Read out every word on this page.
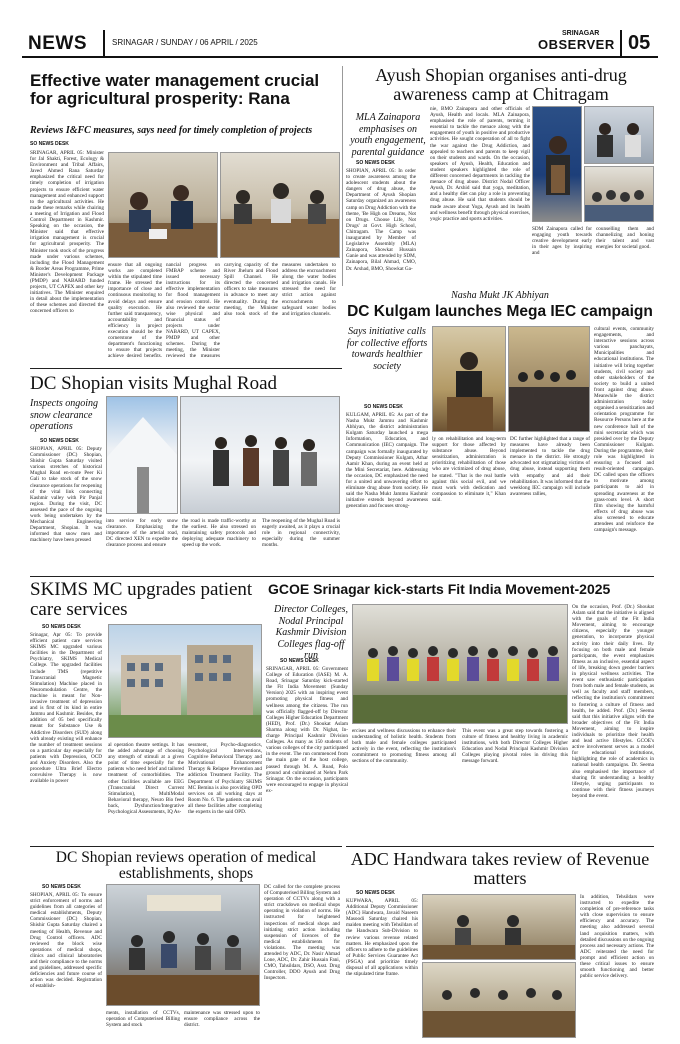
NEWS	SRINAGAR / SUNDAY / 06 APRIL / 2025
SRINAGAR
OBSERVER 05
Effective water management crucial for agricultural prosperity: Rana
Reviews I&FC measures, says need for timely completion of projects
SO NEWS DESK
SRINAGAR, APRIL 05: Minister for Jal Shakti, Forest, Ecology & Environment and Tribal Affairs, Javed Ahmed Rana Saturday emphasized the critical need for timely completion of irrigation projects to ensure efficient water management and enhanced support to the agricultural activities. He made these remarks while chairing a meeting of Irrigation and Flood Control Department in Kashmir. Speaking on the occasion, the Minister said that effective irrigation management is crucial for agricultural prosperity. The Minister took stock of the progress made under various schemes, including the Flood Management & Border Areas Programme, Prime Minister's Development Package (PMDP) and NABARD funded projects, UT CAPEX and other key initiatives. The Minister enquired in detail about the implementation of these schemes and directed the concerned officers to
ensure that all ongoing works are completed within the stipulated time frame. He stressed the importance of close and continuous monitoring to avoid delays and ensure quality execution. He further said transparency, accountability and efficiency in project execution should be the cornerstone of the department's functioning to ensure that projects achieve desired benefits.
nancial progress on FMBAP scheme and issued necessary instructions for its effective implementation for flood management and erosion control. He also reviewed the sector wise physical and financial status of projects under NABARD, UT CAPEX, PMDP and other schemes. During the meeting, the Minister reviewed the measures
carrying capacity of the River Jhelum and Flood Spill Channel. He directed the concerned officers to take measures in advance to meet any eventuality. During the meeting, the Minister also took stock of the measures undertaken to address the encroachment along the water bodies and irrigation canals. He stressed the need for strict action against encroachments to safeguard water bodies and irrigation channels.
Ayush Shopian organises anti-drug awareness camp at Chitragam
MLA Zainapora emphasises on youth engagement, parental guidance
SO NEWS DESK
SHOPIAN, APRIL 05: In order to create awareness among the adolescent students about the dangers of drug abuse, the Department of Ayush Shopian Saturday organized an awareness camp on Drug Addiction with the theme, 'Be High on Dreams, Not on Drugs. Choose Life, Not Drugs' at Govt. High School, Chitragam. The Camp was inaugurated by Member of Legislative Assembly (MLA) Zainapora, Showkat Hussain Ganie and was attended by SDM, Zainapora, Bilal Ahmad, CMO, Dr. Arshad, BMO, Showkat Ga-
nie, BMO Zainapora and other officials of Ayush, Health and locals. MLA Zainapora, emphasised the role of parents, terming it essential to tackle the menace along with the engagement of youth in positive and productive activities. He sought cooperation of all to fight the war against the Drug Addiction, and appealed to teachers and parents to keep vigil on their students and wards. On the occasion, speakers of Ayush, Health, Education and student speakers highlighted the role of different concerned departments in tackling the menace of drug abuse. District Nodal Officer Ayush, Dr. Arshid said that yoga, meditation, and a healthy diet can play a role in preventing drug abuse. He said that students should be made aware about Yoga, Ayush and its health and wellness benefit through physical exercises, yogic practice and sports activities.
SDM Zainapora called for engaging youth towards creative development early in their ages by inspiring and
counselling them and channelizing and honing their talent and vast energies for societal good.
Nasha Mukt JK Abhiyan
DC Kulgam launches Mega IEC campaign
Says initiative calls for collective efforts towards healthier society
SO NEWS DESK
KULGAM, APRIL 05: As part of the Nasha Mukt Jammu and Kashmir Abhiyan, the district administration Kulgam Saturday launched a mega Information, Education, and Communication (IEC) campaign. The campaign was formally inaugurated by Deputy Commissioner Kulgam, Athar Aamir Khan, during an event held at the Mini Secretariat, here. Addressing the occasion, DC emphasized the need for a united and unwavering effort to eliminate drug abuse from society. He said the Nasha Mukt Jammu Kashmir initiative extends beyond awareness generation and focuses strong-
ly on rehabilitation and long-term support for those affected by substance abuse. Beyond sensitization, administration is prioritizing rehabilitation of those who are victimized of drug abuse, he stated. "That is the real battle against this social evil, and we must work with dedication and compassion to eliminate it," Khan said.
DC further highlighted that a range of measures have already been implemented to tackle the drug menace in the district. He strongly advocated not stigmatizing victims of drug abuse, instead supporting them with empathy and aid their rehabilitation. It was informed that the weeklong IEC campaign will include awareness rallies,
cultural events, community engagements, and interactive sessions across various panchayats, Municipalities and educational institutions. The initiative will bring together students, civil society and other stakeholders of the society to build a united front against drug abuse. Meanwhile the district administration today organised a sensitization and orientation programme for Resource Persons here at the new conference hall of the mini secretariat which was presided over by the Deputy Commissioner Kulgam. During the programme, their role was highlighted in ensuring a focused and result-oriented campaign. DC called upon the officers to motivate among participants to aid in spreading awareness at the grass-roots level. A short film showing the harmful effects of drug abuse was also screened to educate attendees and reinforce the campaign's message.
DC Shopian visits Mughal Road
Inspects ongoing snow clearance operations
SO NEWS DESK
SHOPIAN, APRIL 05: Deputy Commissioner (DC) Shopian, Shishir Gupta Saturday visited various stretches of historical Mughal Road en-route Peer Ki Gali to take stock of the snow clearance operations for reopening of the vital link connecting Kashmir valley with Pir Panjal region. During the visit, DC assessed the pace of the ongoing work being undertaken by the Mechanical Engineering Department, Shopian. It was informed that snow men and machinery have been pressed
into service for early snow clearance. Emphasizing the importance of the arterial road, DC directed XEN to expedite the clearance process and ensure
the road is made traffic-worthy at the earliest. He also stressed on maintaining safety protocols and deploying adequate machinery to speed up the work.
The reopening of the Mughal Road is eagerly awaited, as it plays a crucial role in regional connectivity, especially during the summer months.
SKIMS MC upgrades patient care services
SO NEWS DESK
Srinagar, Apr 05: To provide efficient patient care services SKIMS MC upgraded various facilities in the Department of Psychiatry, SKIMS Medical College. The upgraded facilities include TMS (repetitive Transcranial Magnetic Stimulation) Machine placed in Neuromodulation Centre, the machine is meant for Non-invasive treatment of depression and is first of its kind in entire Jammu and Kashmir. Besides, the addition of 05 bed specifically meant for Substance Use & Addictive Disorders (SUD) along with already existing will enhance the number of treatment sessions on a particular day especially for patients with Depression, OCD and Anxiety Disorders. Also the procedure Ultra Brief Electro convulsive Therapy is now available in power
al operation theatre settings. It has the added advantage of choosing any strength of stimuli at a given point of time especially for the patients who need brief and tailored treatment of comorbidities. The other facilities available are EEG (Transcranial Direct Current Stimulation), MultiModal Behavioral therapy, Neuro Bio feed back, Dysfunction/Integrative Psychological Assessments, IQ As-
sessment, Psycho-diagnostics, Psychological Interventions, Cognitive Behavioral Therapy and Motivational Enhancement Therapy & Relapse Prevention and addiction Treatment Facility. The Department of Psychiatry SKIMS MC Bemina is also providing OPD services on all working days at Room No. 6. The patients can avail all these facilities after completing the experts in the said OPD.
GCOE Srinagar kick-starts Fit India Movement-2025
Director Colleges, Nodal Principal Kashmir Division Colleges flag-off run
SO NEWS DESK
SRINAGAR, APRIL 05: Government College of Education (IASE) M. A. Road, Srinagar Saturday kick-started the Fit India Movement (Sunday Version) 2025 with an inspiring event promoting physical fitness and wellness among the citizens. The run was officially flagged-off by Director Colleges Higher Education Department (HED), Prof. (Dr.) Shoukat Aslam Sharma along with Dr. Nighat, In-charge Principal Kashmir Division Colleges. As many as 150 students of various colleges of the city participated in the event. The run commenced from the main gate of the host college, passed through M. A. Road, Polo ground and culminated at Nehru Park Srinagar. On the occasion, participants were encouraged to engage in physical ex-
ercises and wellness discussions to enhance their understanding of holistic health. Students from both male and female colleges participated actively in the event, reflecting the institution's commitment to promoting fitness among all sections of the community.
This event was a great step towards fostering a culture of fitness and healthy living in academic institutions, with both Director Colleges Higher Education and Nodal Principal Kashmir Division Colleges playing pivotal roles in driving this message forward.
On the occasion, Prof. (Dr.) Shoukat Aslam said that the initiative is aligned with the goals of the Fit India Movement, aiming to encourage citizens, especially the younger generation, to incorporate physical activity into their daily lives. By focusing on both male and female participants, the event emphasizes fitness as an inclusive, essential aspect of life, breaking down gender barriers in physical wellness activities. The event saw enthusiastic participation from both male and female students, as well as faculty and staff members, reflecting the institution's commitment to fostering a culture of fitness and health, he added. Prof. (Dr.) Seema said that this initiative aligns with the broader objectives of the Fit India Movement, aiming to inspire individuals to prioritize their health and lead active lifestyles. GCOE's active involvement serves as a model for educational institutions, highlighting the role of academics in national health campaigns. Dr. Seema also emphasised the importance of sharing fit understanding a healthy lifestyle, urging participants to continue with their fitness journeys beyond the event.
DC Shopian reviews operation of medical establishments, shops
SO NEWS DESK
SHOPIAN, APRIL 05: To ensure strict enforcement of norms and guidelines from all categories of medical establishments, Deputy Commissioner (DC) Shopian, Shishir Gupta Saturday chaired a meeting of Health, Revenue and Drug Control officers. ADC reviewed the block wise operations of medical shops, clinics and clinical laboratories and their compliance to the norms and guidelines, addressed specific deficiencies and future course of action was decided. Registration of establish-
ments, installation of CCTVs, operation of Computerised Billing System and stock
maintenance was stressed upon to ensure compliance across the district.
DC called for the complete process of Computerised Billing System and operation of CCTVs along with a strict crackdown on medical shops operating in violation of norms. He instructed for heightened inspections of medical shops and initiating strict action including suspension of licences of the medical establishments for violations. The meeting was attended by ADC, Dr. Nasir Ahmad Lone, ADC, Dr. Zahir Hussain Fani, CMO, Tahsildars, DSO, Asst. Drug Controller, DDO Ayush and Drug Inspectors.
ADC Handwara takes review of Revenue matters
SO NEWS DESK
KUPWARA, APRIL 05: Additional Deputy Commissioner (ADC) Handwara, Javaid Naseem Masoodi Saturday chaired his maiden meeting with Tehsildars of the Handwara Sub-Division to review various revenue related matters. He emphasized upon the officers to adhere to the guidelines of Public Services Guarantee Act (PSGA) and prioritize timely disposal of all applications within the stipulated time frame.
In addition, Tehsildars were instructed to expedite the completion of pre-reference tasks with close supervision to ensure efficiency and accuracy. The meeting also addressed several land acquisition matters, with detailed discussions on the ongoing process and necessary actions. The ADC reiterated the need for prompt and efficient action on these critical issues to ensure smooth functioning and better public service delivery.
